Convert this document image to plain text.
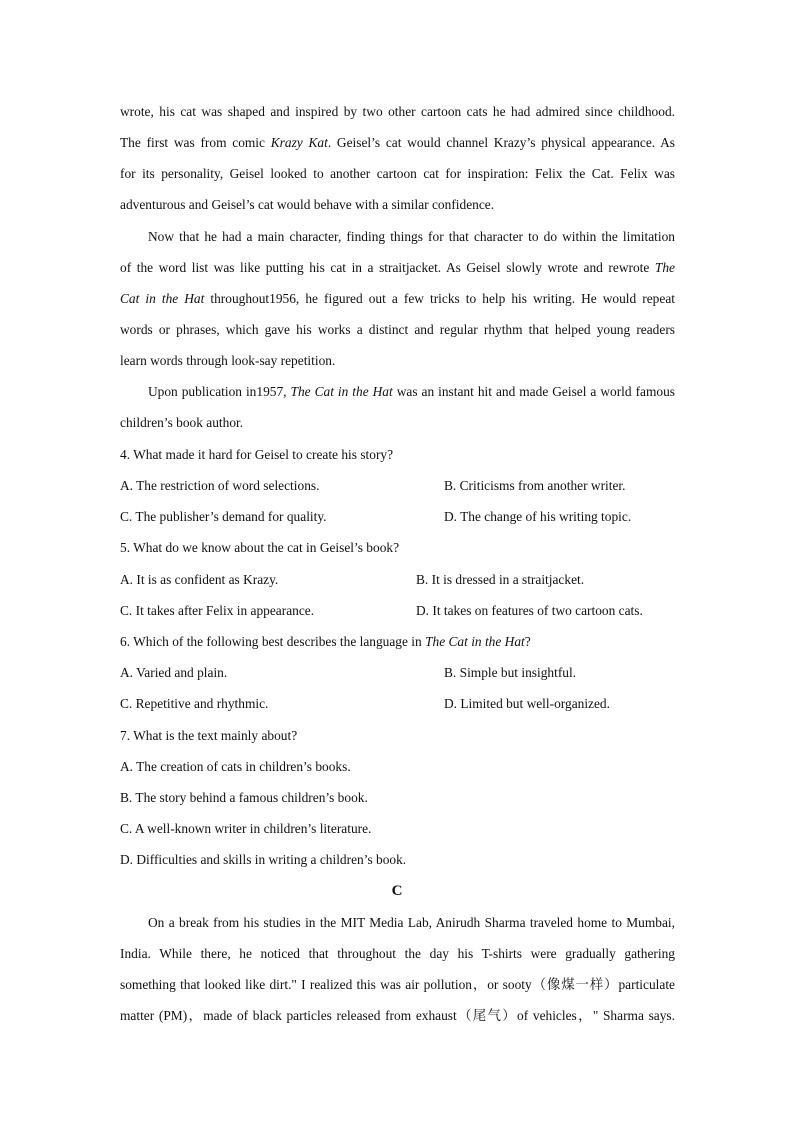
wrote, his cat was shaped and inspired by two other cartoon cats he had admired since childhood.
The first was from comic Krazy Kat. Geisel’s cat would channel Krazy’s physical appearance. As
for its personality, Geisel looked to another cartoon cat for inspiration: Felix the Cat. Felix was
adventurous and Geisel’s cat would behave with a similar confidence.
Now that he had a main character, finding things for that character to do within the limitation
of the word list was like putting his cat in a straitjacket. As Geisel slowly wrote and rewrote The
Cat in the Hat throughout1956, he figured out a few tricks to help his writing. He would repeat
words or phrases, which gave his works a distinct and regular rhythm that helped young readers
learn words through look-say repetition.
Upon publication in1957, The Cat in the Hat was an instant hit and made Geisel a world famous
children’s book author.
4. What made it hard for Geisel to create his story?
A. The restriction of word selections.	B. Criticisms from another writer.
C. The publisher’s demand for quality.	D. The change of his writing topic.
5. What do we know about the cat in Geisel’s book?
A. It is as confident as Krazy.	B. It is dressed in a straitjacket.
C. It takes after Felix in appearance.	D. It takes on features of two cartoon cats.
6. Which of the following best describes the language in The Cat in the Hat?
A. Varied and plain.	B. Simple but insightful.
C. Repetitive and rhythmic.	D. Limited but well-organized.
7. What is the text mainly about?
A. The creation of cats in children’s books.
B. The story behind a famous children’s book.
C. A well-known writer in children’s literature.
D. Difficulties and skills in writing a children’s book.
C
On a break from his studies in the MIT Media Lab, Anirudh Sharma traveled home to Mumbai,
India. While there, he noticed that throughout the day his T-shirts were gradually gathering
something that looked like dirt." I realized this was air pollution，or sooty（像煤一样）particulate
matter (PM)，made of black particles released from exhaust（尾气）of vehicles，" Sharma says.
